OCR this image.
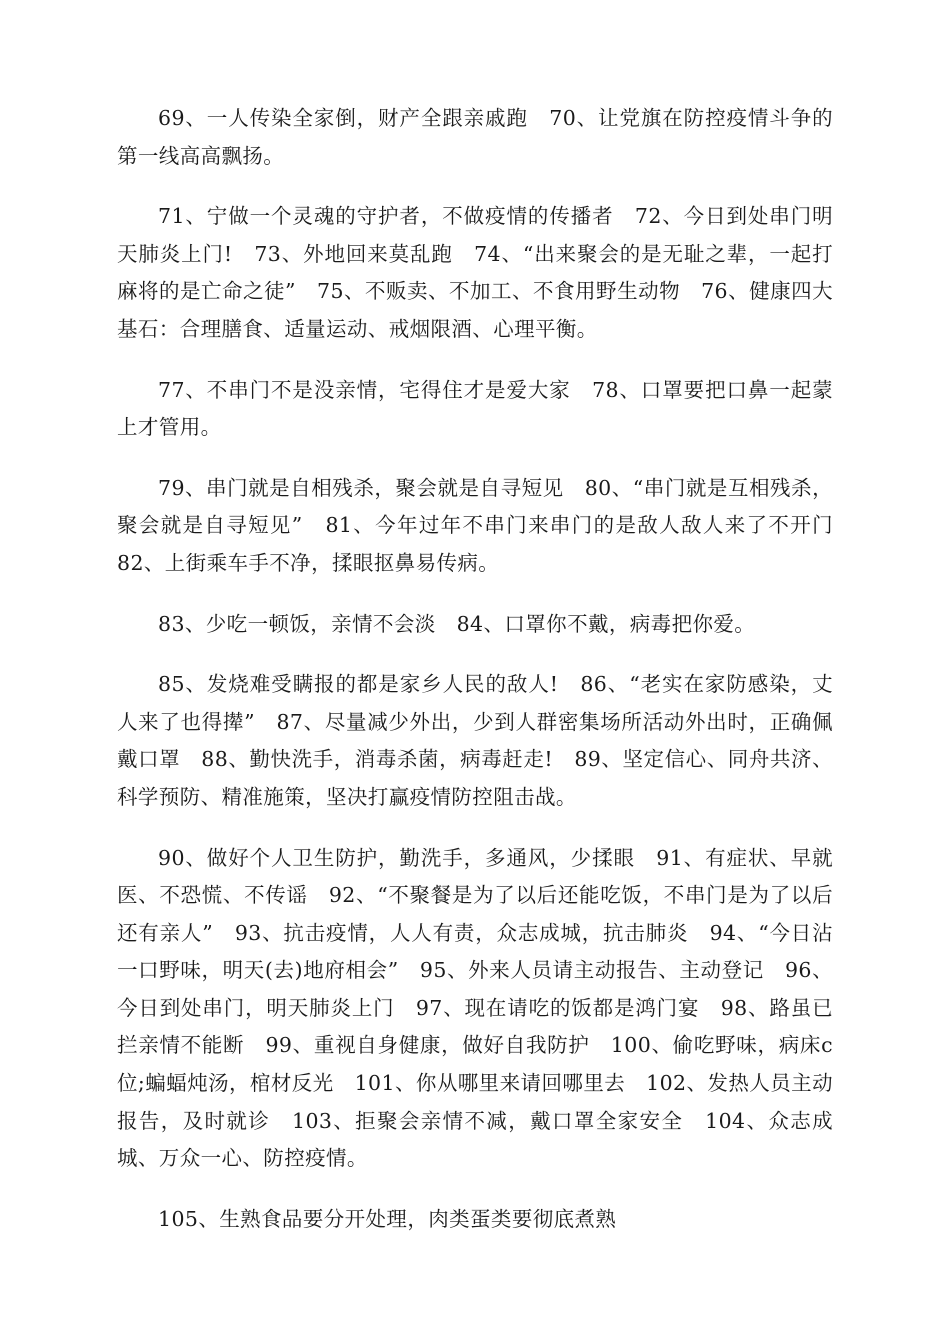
69、一人传染全家倒，财产全跟亲戚跑　70、让党旗在防控疫情斗争的第一线高高飘扬。

71、宁做一个灵魂的守护者，不做疫情的传播者　72、今日到处串门明天肺炎上门!　73、外地回来莫乱跑　74、“出来聚会的是无耻之辈，一起打麻将的是亡命之徒”　75、不贩卖、不加工、不食用野生动物　76、健康四大基石：合理膳食、适量运动、戒烟限酒、心理平衡。

77、不串门不是没亲情，宅得住才是爱大家　78、口罩要把口鼻一起蒙上才管用。

79、串门就是自相残杀，聚会就是自寻短见　80、“串门就是互相残杀，聚会就是自寻短见”　81、今年过年不串门来串门的是敌人敌人来了不开门　82、上街乘车手不净，揉眼抠鼻易传病。

83、少吃一顿饭，亲情不会淡　84、口罩你不戴，病毒把你爱。

85、发烧难受瞒报的都是家乡人民的敌人!　86、“老实在家防感染，丈人来了也得撵”　87、尽量减少外出，少到人群密集场所活动外出时，正确佩戴口罩　88、勤快洗手，消毒杀菌，病毒赶走!　89、坚定信心、同舟共济、科学预防、精准施策，坚决打赢疫情防控阻击战。

90、做好个人卫生防护，勤洗手，多通风，少揉眼　91、有症状、早就医、不恐慌、不传谣　92、“不聚餐是为了以后还能吃饭，不串门是为了以后还有亲人”　93、抗击疫情，人人有责，众志成城，抗击肺炎　94、“今日沾一口野味，明天(去)地府相会”　95、外来人员请主动报告、主动登记　96、今日到处串门，明天肺炎上门　97、现在请吃的饭都是鸿门宴　98、路虽已拦亲情不能断　99、重视自身健康，做好自我防护　100、偷吃野味，病床c位;蝙蝠炖汤，棺材反光　101、你从哪里来请回哪里去　102、发热人员主动报告，及时就诊　103、拒聚会亲情不减，戴口罩全家安全　104、众志成城、万众一心、防控疫情。

105、生熟食品要分开处理，肉类蛋类要彻底煮熟
